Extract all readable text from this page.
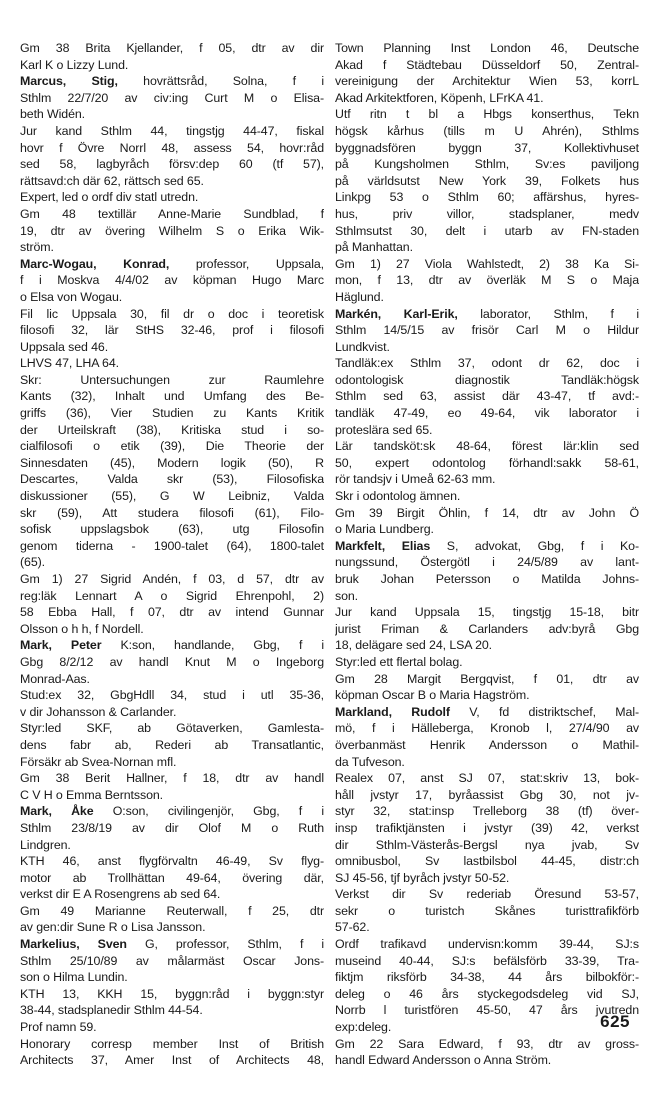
Gm 38 Brita Kjellander, f 05, dtr av dir
Karl K o Lizzy Lund.
Marcus, Stig, hovrättsråd, Solna, f i
Sthlm 22/7/20 av civ:ing Curt M o Elisa-
beth Widén.
Jur kand Sthlm 44, tingstjg 44-47, fiskal
hovr f Övre Norrl 48, assess 54, hovr:råd
sed 58, lagbyråch försv:dep 60 (tf 57),
rättsavd:ch där 62, rättsch sed 65.
Expert, led o ordf div statl utredn.
Gm 48 textillär Anne-Marie Sundblad, f
19, dtr av övering Wilhelm S o Erika Wik-
ström.
Marc-Wogau, Konrad, professor, Uppsala,
f i Moskva 4/4/02 av köpman Hugo Marc
o Elsa von Wogau.
Fil lic Uppsala 30, fil dr o doc i teoretisk
filosofi 32, lär StHS 32-46, prof i filosofi
Uppsala sed 46.
LHVS 47, LHA 64.
Skr: Untersuchungen zur Raumlehre
Kants (32), Inhalt und Umfang des Be-
griffs (36), Vier Studien zu Kants Kritik
der Urteilskraft (38), Kritiska stud i so-
cialfilosofi o etik (39), Die Theorie der
Sinnesdaten (45), Modern logik (50), R
Descartes, Valda skr (53), Filosofiska
diskussioner (55), G W Leibniz, Valda
skr (59), Att studera filosofi (61), Filo-
sofisk uppslagsbok (63), utg Filosofin
genom tiderna - 1900-talet (64), 1800-talet
(65).
Gm 1) 27 Sigrid Andén, f 03, d 57, dtr av
reg:läk Lennart A o Sigrid Ehrenpohl, 2)
58 Ebba Hall, f 07, dtr av intend Gunnar
Olsson o h h, f Nordell.
Mark, Peter K:son, handlande, Gbg, f i
Gbg 8/2/12 av handl Knut M o Ingeborg
Monrad-Aas.
Stud:ex 32, GbgHdll 34, stud i utl 35-36,
v dir Johansson & Carlander.
Styr:led SKF, ab Götaverken, Gamlesta-
dens fabr ab, Rederi ab Transatlantic,
Försäkr ab Svea-Nornan mfl.
Gm 38 Berit Hallner, f 18, dtr av handl
C V H o Emma Berntsson.
Mark, Åke O:son, civilingenjör, Gbg, f i
Sthlm 23/8/19 av dir Olof M o Ruth
Lindgren.
KTH 46, anst flygförvaltn 46-49, Sv flyg-
motor ab Trollhättan 49-64, övering där,
verkst dir E A Rosengrens ab sed 64.
Gm 49 Marianne Reuterwall, f 25, dtr
av gen:dir Sune R o Lisa Jansson.
Markelius, Sven G, professor, Sthlm, f i
Sthlm 25/10/89 av målarmäst Oscar Jons-
son o Hilma Lundin.
KTH 13, KKH 15, byggn:råd i byggn:styr
38-44, stadsplanedir Sthlm 44-54.
Prof namn 59.
Honorary corresp member Inst of British
Architects 37, Amer Inst of Architects 48,
Town Planning Inst London 46, Deutsche
Akad f Städtebau Düsseldorf 50, Zentral-
vereinigung der Architektur Wien 53, korrL
Akad Arkitektforen, Köpenh, LFrKA 41.
Utf ritn t bl a Hbgs konserthus, Tekn
högsk kårhus (tills m U Ahrén), Sthlms
byggnadsfören byggn 37, Kollektivhuset
på Kungsholmen Sthlm, Sv:es paviljong
på världsutst New York 39, Folkets hus
Linkpg 53 o Sthlm 60; affärshus, hyres-
hus, priv villor, stadsplaner, medv
Sthlmsutst 30, delt i utarb av FN-staden
på Manhattan.
Gm 1) 27 Viola Wahlstedt, 2) 38 Ka Si-
mon, f 13, dtr av överläk M S o Maja
Häglund.
Markén, Karl-Erik, laborator, Sthlm, f i
Sthlm 14/5/15 av frisör Carl M o Hildur
Lundkvist.
Tandläk:ex Sthlm 37, odont dr 62, doc i
odontologisk diagnostik Tandläk:högsk
Sthlm sed 63, assist där 43-47, tf avd:-
tandläk 47-49, eo 49-64, vik laborator i
proteslära sed 65.
Lär tandsköt:sk 48-64, förest lär:klin sed
50, expert odontolog förhandl:sakk 58-61,
rör tandsjv i Umeå 62-63 mm.
Skr i odontolog ämnen.
Gm 39 Birgit Öhlin, f 14, dtr av John Ö
o Maria Lundberg.
Markfelt, Elias S, advokat, Gbg, f i Ko-
nungssund, Östergötl i 24/5/89 av lant-
bruk Johan Petersson o Matilda Johns-
son.
Jur kand Uppsala 15, tingstjg 15-18, bitr
jurist Friman & Carlanders adv:byrå Gbg
18, delägare sed 24, LSA 20.
Styr:led ett flertal bolag.
Gm 28 Margit Bergqvist, f 01, dtr av
köpman Oscar B o Maria Hagström.
Markland, Rudolf V, fd distriktschef, Mal-
mö, f i Hälleberga, Kronob l, 27/4/90 av
överbanmäst Henrik Andersson o Mathil-
da Tufveson.
Realex 07, anst SJ 07, stat:skriv 13, bok-
håll jvstyr 17, byråassist Gbg 30, not jv-
styr 32, stat:insp Trelleborg 38 (tf) över-
insp trafiktjänsten i jvstyr (39) 42, verkst
dir Sthlm-Västerås-Bergsl nya jvab, Sv
omnibusbol, Sv lastbilsbol 44-45, distr:ch
SJ 45-56, tjf byråch jvstyr 50-52.
Verkst dir Sv rederiab Öresund 53-57,
sekr o turistch Skånes turisttrafikförb
57-62.
Ordf trafikavd undervisn:komm 39-44, SJ:s
museind 40-44, SJ:s befälsförb 33-39, Tra-
fiktjm riksförb 34-38, 44 års bilbokför:-
deleg o 46 års styckegodsdeleg vid SJ,
Norrb l turistfören 45-50, 47 års jvutredn
exp:deleg.
Gm 22 Sara Edward, f 93, dtr av gross-
handl Edward Andersson o Anna Ström.
625
